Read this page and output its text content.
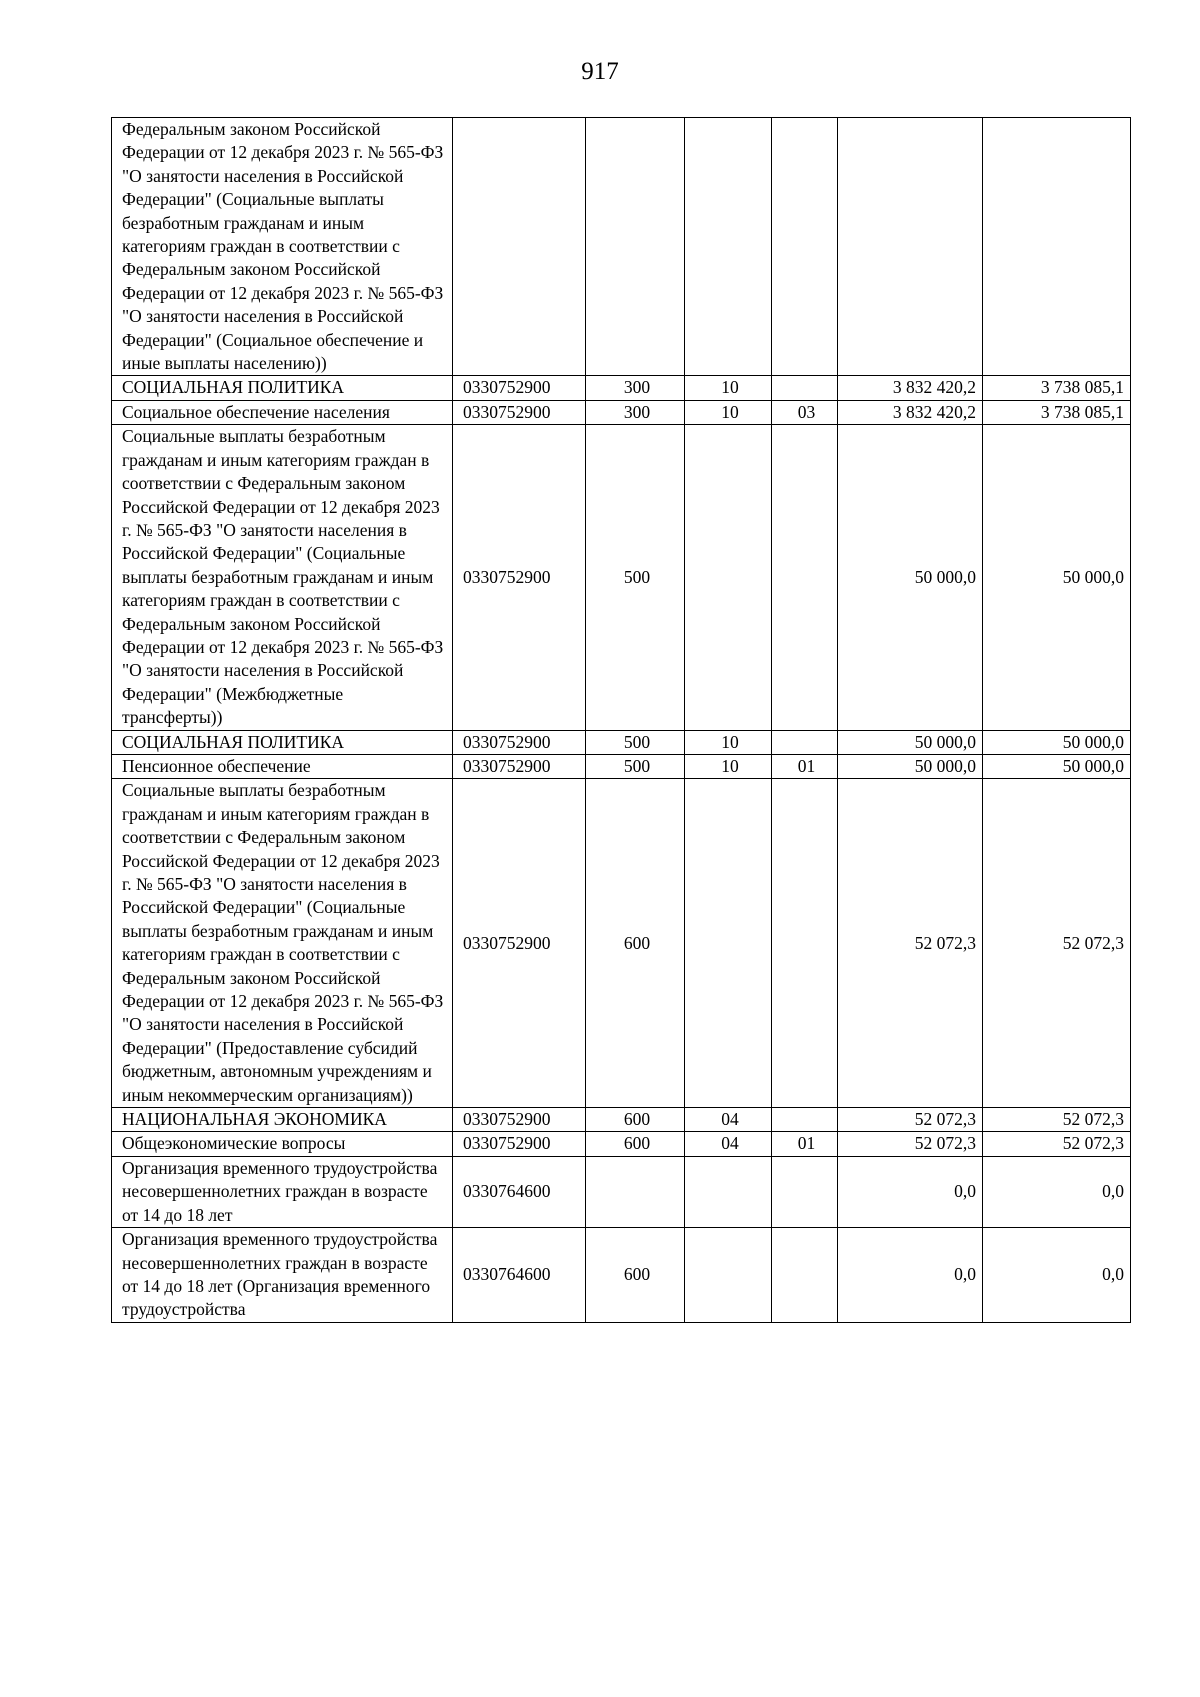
917
Федеральным законом Российской Федерации от 12 декабря 2023 г. № 565-ФЗ "О занятости населения в Российской Федерации" (Социальные выплаты безработным гражданам и иным категориям граждан в соответствии с Федеральным законом Российской Федерации от 12 декабря 2023 г. № 565-ФЗ "О занятости населения в Российской Федерации" (Социальное обеспечение и иные выплаты населению))						
СОЦИАЛЬНАЯ ПОЛИТИКА	0330752900	300	10		3 832 420,2	3 738 085,1
Социальное обеспечение населения	0330752900	300	10	03	3 832 420,2	3 738 085,1
Социальные выплаты безработным гражданам и иным категориям граждан в соответствии с Федеральным законом Российской Федерации от 12 декабря 2023 г. № 565-ФЗ "О занятости населения в Российской Федерации" (Социальные выплаты безработным гражданам и иным категориям граждан в соответствии с Федеральным законом Российской Федерации от 12 декабря 2023 г. № 565-ФЗ "О занятости населения в Российской Федерации" (Межбюджетные трансферты))	0330752900	500			50 000,0	50 000,0
СОЦИАЛЬНАЯ ПОЛИТИКА	0330752900	500	10		50 000,0	50 000,0
Пенсионное обеспечение	0330752900	500	10	01	50 000,0	50 000,0
Социальные выплаты безработным гражданам и иным категориям граждан в соответствии с Федеральным законом Российской Федерации от 12 декабря 2023 г. № 565-ФЗ "О занятости населения в Российской Федерации" (Социальные выплаты безработным гражданам и иным категориям граждан в соответствии с Федеральным законом Российской Федерации от 12 декабря 2023 г. № 565-ФЗ "О занятости населения в Российской Федерации" (Предоставление субсидий бюджетным, автономным учреждениям и иным некоммерческим организациям))	0330752900	600			52 072,3	52 072,3
НАЦИОНАЛЬНАЯ ЭКОНОМИКА	0330752900	600	04		52 072,3	52 072,3
Общеэкономические вопросы	0330752900	600	04	01	52 072,3	52 072,3
Организация временного трудоустройства несовершеннолетних граждан в возрасте от 14 до 18 лет	0330764600				0,0	0,0
Организация временного трудоустройства несовершеннолетних граждан в возрасте от 14 до 18 лет (Организация временного трудоустройства	0330764600	600			0,0	0,0
